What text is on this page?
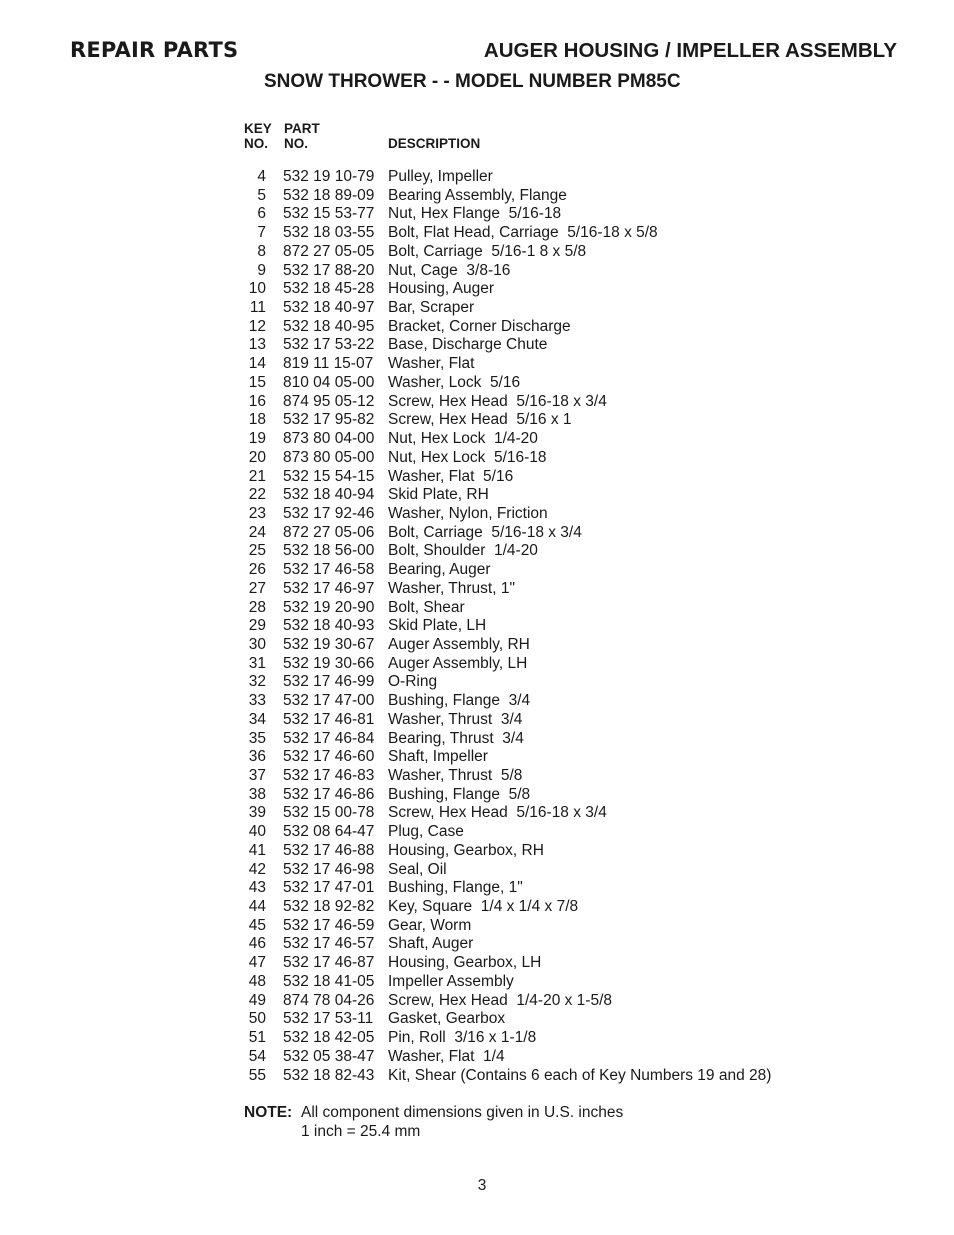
REPAIR PARTS	AUGER HOUSING / IMPELLER ASSEMBLY
SNOW THROWER - - MODEL NUMBER PM85C
KEY
NO.
PART
NO.	DESCRIPTION
4 532 19 10-79 Pulley, Impeller
5 532 18 89-09 Bearing Assembly, Flange
6 532 15 53-77 Nut, Hex Flange  5/16-18
7 532 18 03-55 Bolt, Flat Head, Carriage  5/16-18 x 5/8
8 872 27 05-05 Bolt, Carriage  5/16-1 8 x 5/8
9 532 17 88-20 Nut, Cage  3/8-16
10 532 18 45-28 Housing, Auger
11 532 18 40-97 Bar, Scraper
12 532 18 40-95 Bracket, Corner Discharge
13 532 17 53-22 Base, Discharge Chute
14 819 11 15-07 Washer, Flat
15 810 04 05-00 Washer, Lock  5/16
16 874 95 05-12 Screw, Hex Head  5/16-18 x 3/4
18 532 17 95-82 Screw, Hex Head  5/16 x 1
19 873 80 04-00 Nut, Hex Lock  1/4-20
20 873 80 05-00 Nut, Hex Lock  5/16-18
21 532 15 54-15 Washer, Flat  5/16
22 532 18 40-94 Skid Plate, RH
23 532 17 92-46 Washer, Nylon, Friction
24 872 27 05-06 Bolt, Carriage  5/16-18 x 3/4
25 532 18 56-00 Bolt, Shoulder  1/4-20
26 532 17 46-58 Bearing, Auger
27 532 17 46-97 Washer, Thrust, 1"
28 532 19 20-90 Bolt, Shear
29 532 18 40-93 Skid Plate, LH
30 532 19 30-67 Auger Assembly, RH
31 532 19 30-66 Auger Assembly, LH
32 532 17 46-99 O-Ring
33 532 17 47-00 Bushing, Flange  3/4
34 532 17 46-81 Washer, Thrust  3/4
35 532 17 46-84 Bearing, Thrust  3/4
36 532 17 46-60 Shaft, Impeller
37 532 17 46-83 Washer, Thrust  5/8
38 532 17 46-86 Bushing, Flange  5/8
39 532 15 00-78 Screw, Hex Head  5/16-18 x 3/4
40 532 08 64-47 Plug, Case
41 532 17 46-88 Housing, Gearbox, RH
42 532 17 46-98 Seal, Oil
43 532 17 47-01 Bushing, Flange, 1"
44 532 18 92-82 Key, Square  1/4 x 1/4 x 7/8
45 532 17 46-59 Gear, Worm
46 532 17 46-57 Shaft, Auger
47 532 17 46-87 Housing, Gearbox, LH
48 532 18 41-05 Impeller Assembly
49 874 78 04-26 Screw, Hex Head  1/4-20 x 1-5/8
50 532 17 53-11 Gasket, Gearbox
51 532 18 42-05 Pin, Roll  3/16 x 1-1/8
54 532 05 38-47 Washer, Flat  1/4
55 532 18 82-43 Kit, Shear (Contains 6 each of Key Numbers 19 and 28)
NOTE: All component dimensions given in U.S. inches
1 inch = 25.4 mm
3
